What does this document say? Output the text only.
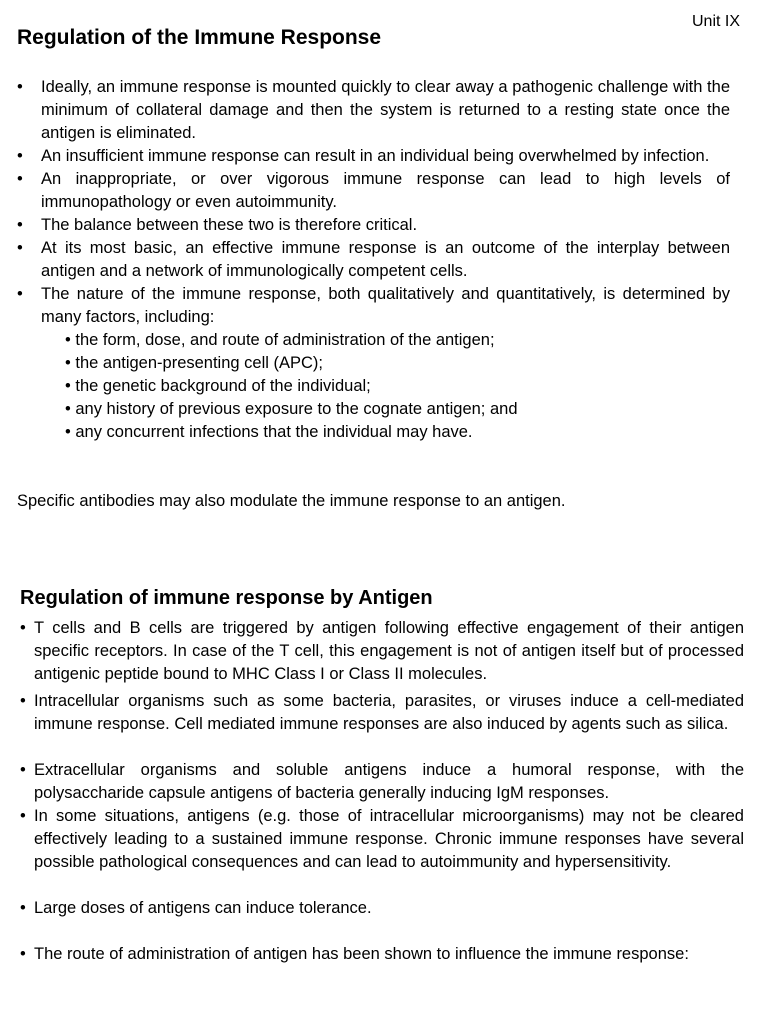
Unit IX
Regulation of the Immune Response
• Ideally, an immune response is mounted quickly to clear away a pathogenic challenge with the minimum of collateral damage and then the system is returned to a resting state once the antigen is eliminated.
• An insufficient immune response can result in an individual being overwhelmed by infection.
• An inappropriate, or over vigorous immune response can lead to high levels of immunopathology or even autoimmunity.
• The balance between these two is therefore critical.
• At its most basic, an effective immune response is an outcome of the interplay between antigen and a network of immunologically competent cells.
• The nature of the immune response, both qualitatively and quantitatively, is determined by many factors, including:
• the form, dose, and route of administration of the antigen;
• the antigen-presenting cell (APC);
• the genetic background of the individual;
• any history of previous exposure to the cognate antigen; and
• any concurrent infections that the individual may have.

Specific antibodies may also modulate the immune response to an antigen.

Regulation of immune response by Antigen
• T cells and B cells are triggered by antigen following effective engagement of their antigen specific receptors. In case of the T cell, this engagement is not of antigen itself but of processed antigenic peptide bound to MHC Class I or Class II molecules.
• Intracellular organisms such as some bacteria, parasites, or viruses induce a cell-mediated immune response. Cell mediated immune responses are also induced by agents such as silica.
• Extracellular organisms and soluble antigens induce a humoral response, with the polysaccharide capsule antigens of bacteria generally inducing IgM responses.
• In some situations, antigens (e.g. those of intracellular microorganisms) may not be cleared effectively leading to a sustained immune response. Chronic immune responses have several possible pathological consequences and can lead to autoimmunity and hypersensitivity.
• Large doses of antigens can induce tolerance.
• The route of administration of antigen has been shown to influence the immune response:
